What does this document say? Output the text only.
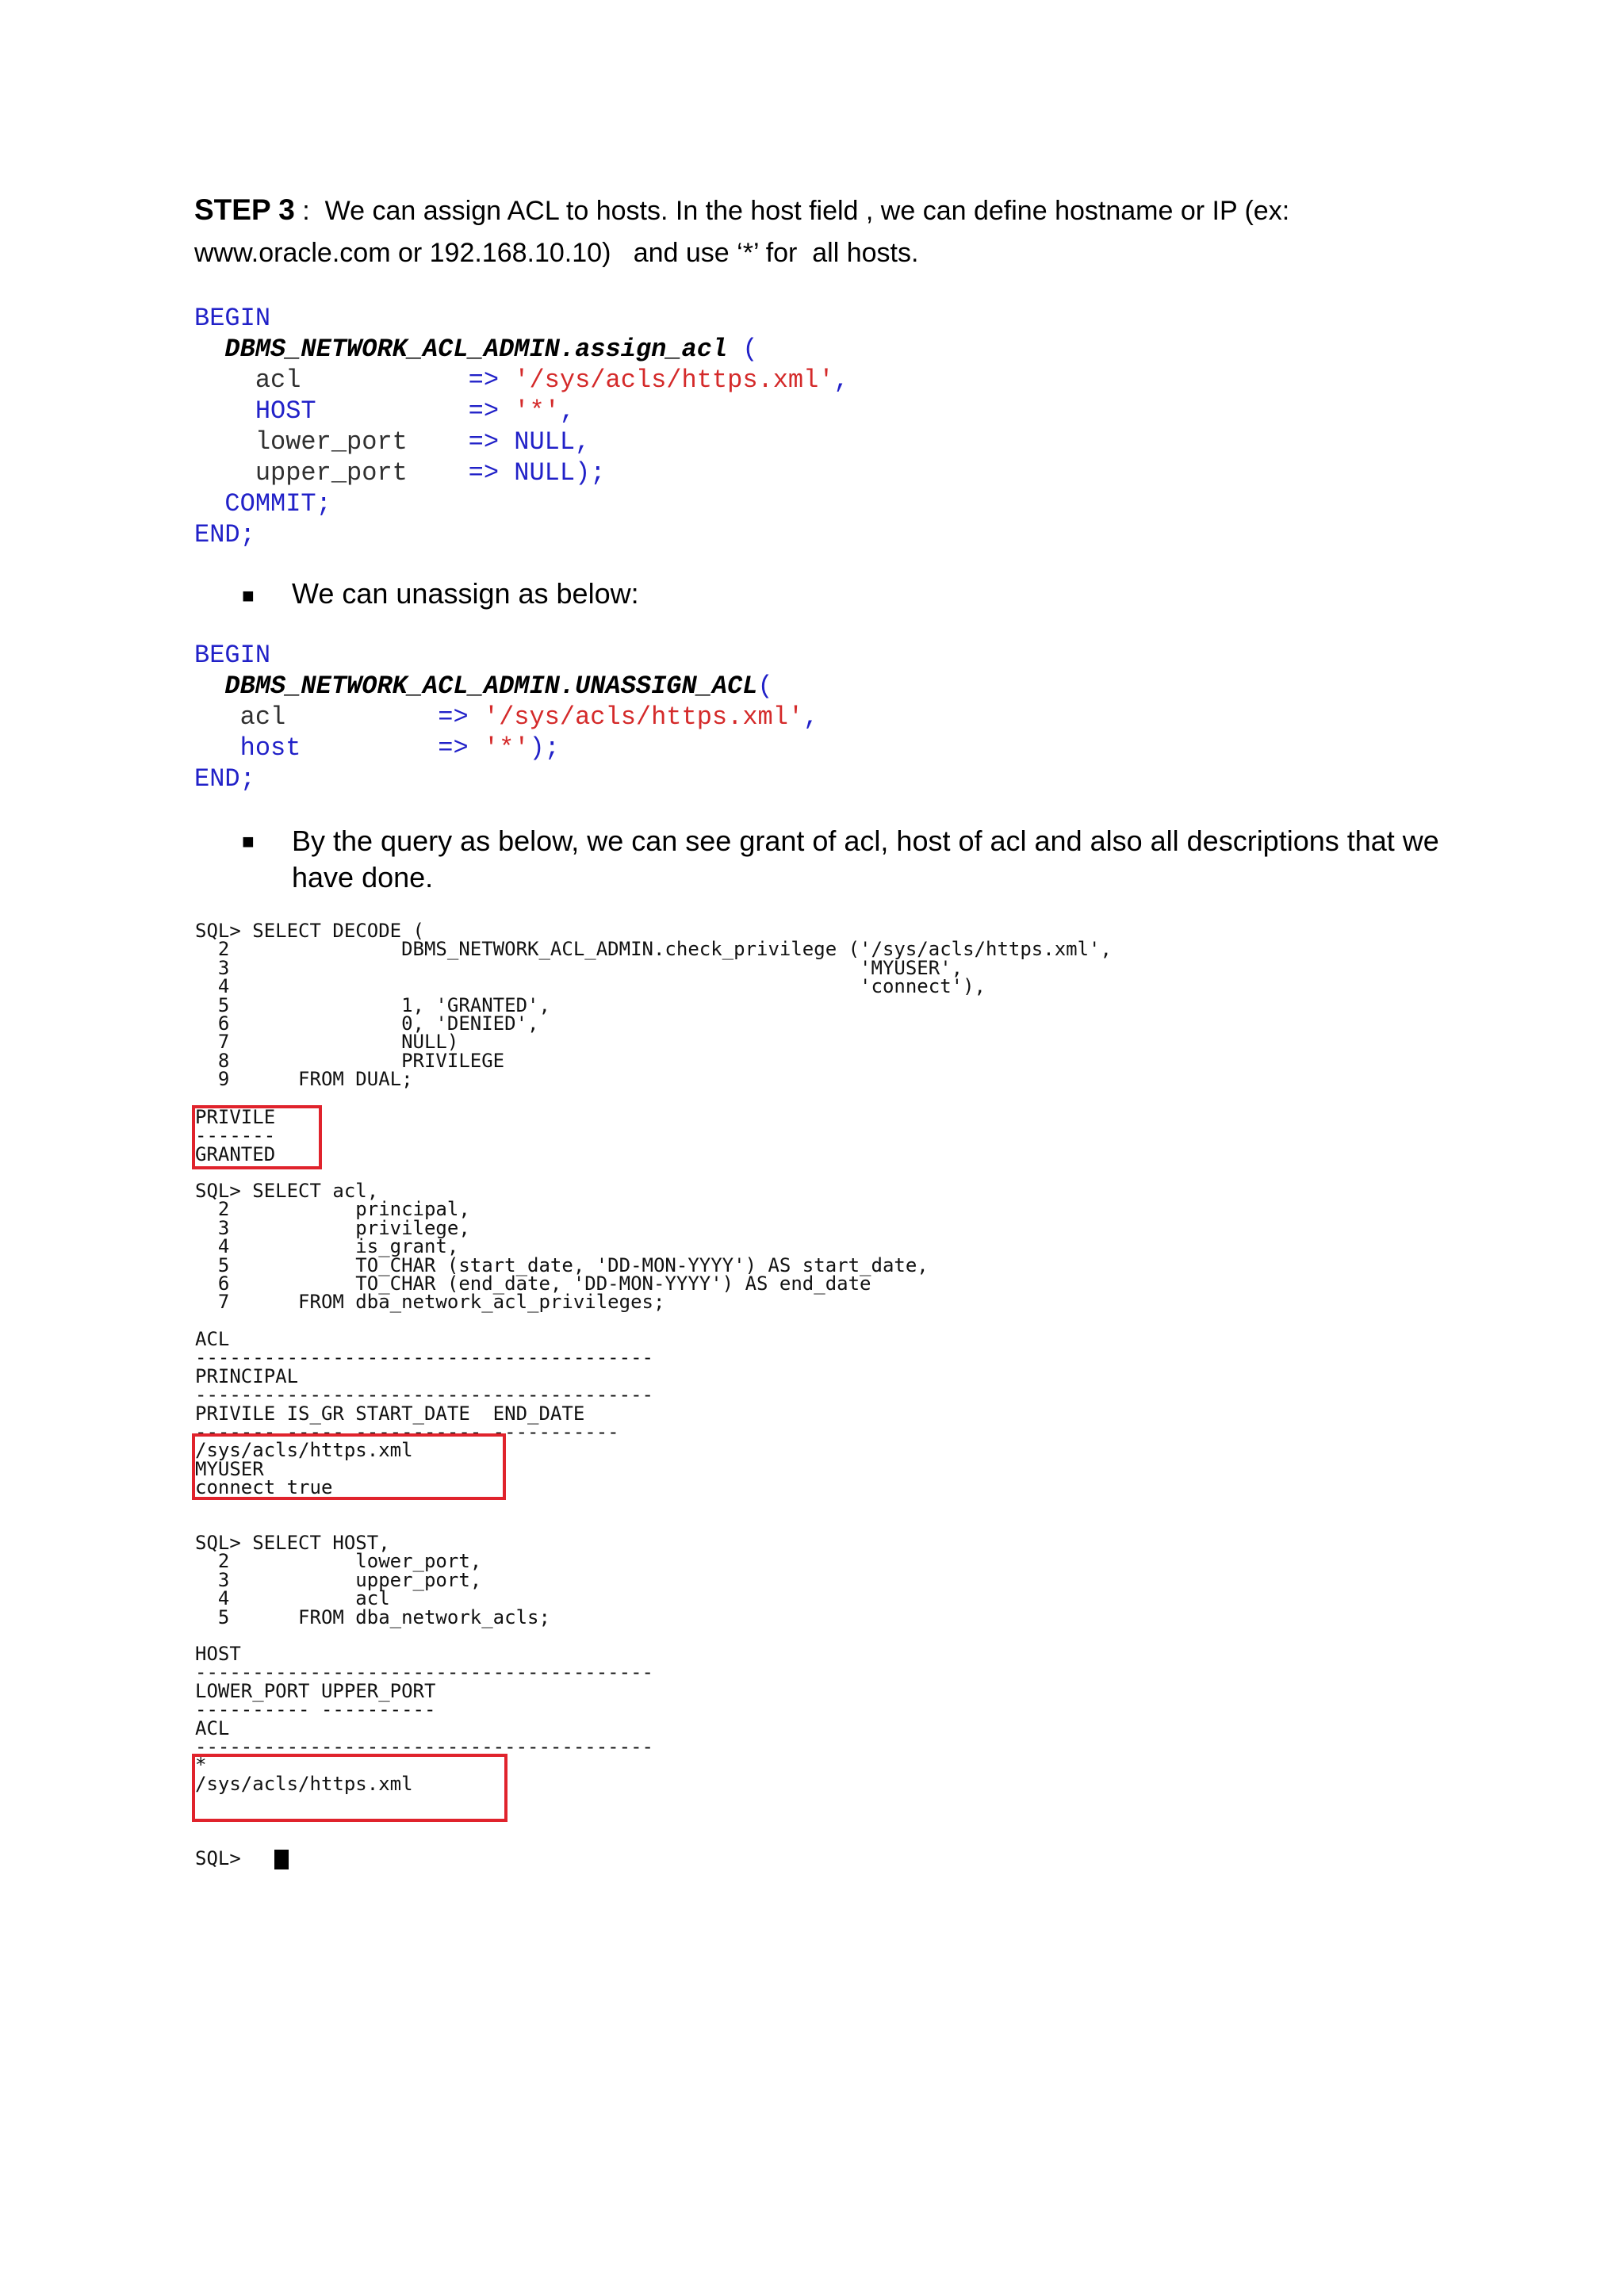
STEP 3 : We can assign ACL to hosts. In the host field , we can define hostname or IP (ex:
www.oracle.com or 192.168.10.10)   and use ‘*’ for  all hosts.
BEGIN
DBMS_NETWORK_ACL_ADMIN.assign_acl (
acl	=> '/sys/acls/https.xml',
HOST	=> '*',
lower_port => NULL,
upper_port => NULL);
COMMIT;
END;
■ We can unassign as below:
BEGIN
DBMS_NETWORK_ACL_ADMIN.UNASSIGN_ACL(
acl	=> '/sys/acls/https.xml',
host	=> '*');
END;
■ By the query as below, we can see grant of acl, host of acl and also all descriptions that we
have done.
SQL> SELECT DECODE (
2               DBMS_NETWORK_ACL_ADMIN.check_privilege ('/sys/acls/https.xml',
3                                                       'MYUSER',
4                                                       'connect'),
5               1, 'GRANTED',
6               0, 'DENIED',
7               NULL)
8               PRIVILEGE
9      FROM DUAL;
PRIVILE
-------
GRANTED
SQL> SELECT acl,
2           principal,
3           privilege,
4           is_grant,
5           TO_CHAR (start_date, 'DD-MON-YYYY') AS start_date,
6           TO_CHAR (end_date, 'DD-MON-YYYY') AS end_date
7      FROM dba_network_acl_privileges;
ACL
----------------------------------------
PRINCIPAL
----------------------------------------
PRIVILE IS_GR START_DATE  END_DATE
------- ----- ----------- -----------
/sys/acls/https.xml
MYUSER
connect true
SQL> SELECT HOST,
2           lower_port,
3           upper_port,
4           acl
5      FROM dba_network_acls;
HOST
----------------------------------------
LOWER_PORT UPPER_PORT
---------- ----------
ACL
----------------------------------------
*
/sys/acls/https.xml
SQL>
